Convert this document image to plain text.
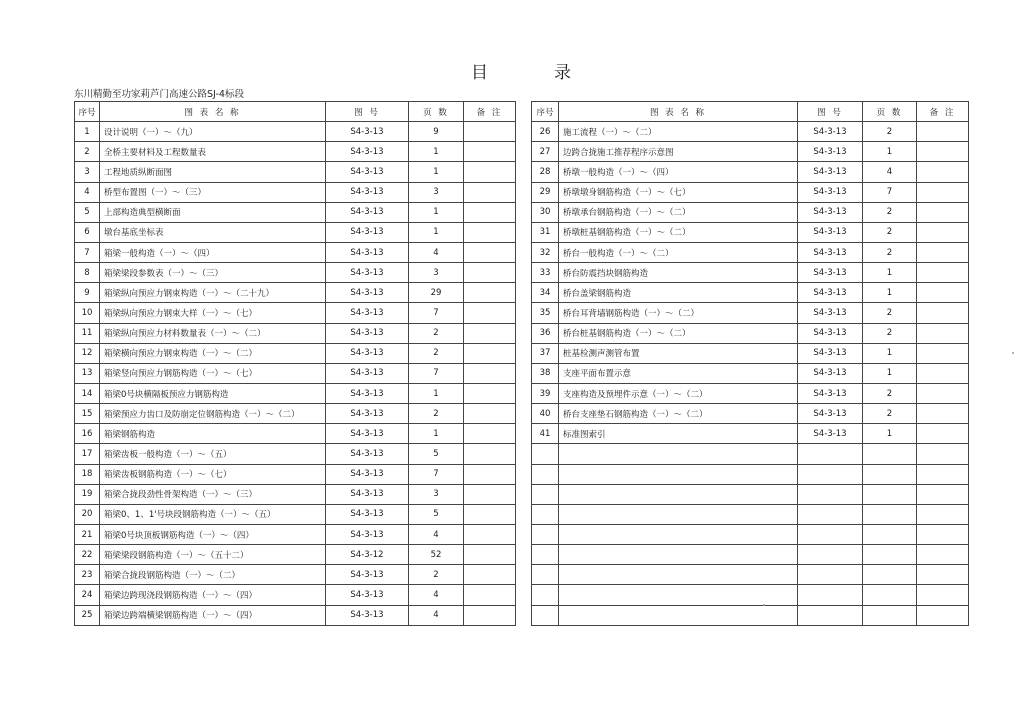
目	录
东川精勤至功家莉芦门高速公路SJ-4标段
序号	图 表 名 称	图 号	页 数	备 注
1	设计说明（一）～（九）	S4-3-13	9	
2	全桥主要材料及工程数量表	S4-3-13	1	
3	工程地质纵断面图	S4-3-13	1	
4	桥型布置图（一）～（三）	S4-3-13	3	
5	上部构造典型横断面	S4-3-13	1	
6	墩台基底坐标表	S4-3-13	1	
7	箱梁一般构造（一）～（四）	S4-3-13	4	
8	箱梁梁段参数表（一）～（三）	S4-3-13	3	
9	箱梁纵向预应力钢束构造（一）～（二十九）	S4-3-13	29	
10	箱梁纵向预应力钢束大样（一）～（七）	S4-3-13	7	
11	箱梁纵向预应力材料数量表（一）～（二）	S4-3-13	2	
12	箱梁横向预应力钢束构造（一）～（二）	S4-3-13	2	
13	箱梁竖向预应力钢筋构造（一）～（七）	S4-3-13	7	
14	箱梁0号块横隔板预应力钢筋构造	S4-3-13	1	
15	箱梁预应力齿口及防崩定位钢筋构造（一）～（二）	S4-3-13	2	
16	箱梁钢筋构造	S4-3-13	1	
17	箱梁齿板一般构造（一）～（五）	S4-3-13	5	
18	箱梁齿板钢筋构造（一）～（七）	S4-3-13	7	
19	箱梁合拢段劲性骨架构造（一）～（三）	S4-3-13	3	
20	箱梁0、1、1'号块段钢筋构造（一）～（五）	S4-3-13	5	
21	箱梁0号块顶板钢筋构造（一）～（四）	S4-3-13	4	
22	箱梁梁段钢筋构造（一）～（五十二）	S4-3-12	52	
23	箱梁合拢段钢筋构造（一）～（二）	S4-3-13	2	
24	箱梁边跨现浇段钢筋构造（一）～（四）	S4-3-13	4	
25	箱梁边跨端横梁钢筋构造（一）～（四）	S4-3-13	4	
序号	图 表 名 称	图 号	页 数	备 注
26	施工流程（一）～（二）	S4-3-13	2	
27	边跨合拢施工推荐程序示意图	S4-3-13	1	
28	桥墩一般构造（一）～（四）	S4-3-13	4	
29	桥墩墩身钢筋构造（一）～（七）	S4-3-13	7	
30	桥墩承台钢筋构造（一）～（二）	S4-3-13	2	
31	桥墩桩基钢筋构造（一）～（二）	S4-3-13	2	
32	桥台一般构造（一）～（二）	S4-3-13	2	
33	桥台防震挡块钢筋构造	S4-3-13	1	
34	桥台盖梁钢筋构造	S4-3-13	1	
35	桥台耳背墙钢筋构造（一）～（二）	S4-3-13	2	
36	桥台桩基钢筋构造（一）～（二）	S4-3-13	2	
37	桩基检测声测管布置	S4-3-13	1	
38	支座平面布置示意	S4-3-13	1	
39	支座构造及预埋件示意（一）～（二）	S4-3-13	2	
40	桥台支座垫石钢筋构造（一）～（二）	S4-3-13	2	
41	标准图索引	S4-3-13	1	
